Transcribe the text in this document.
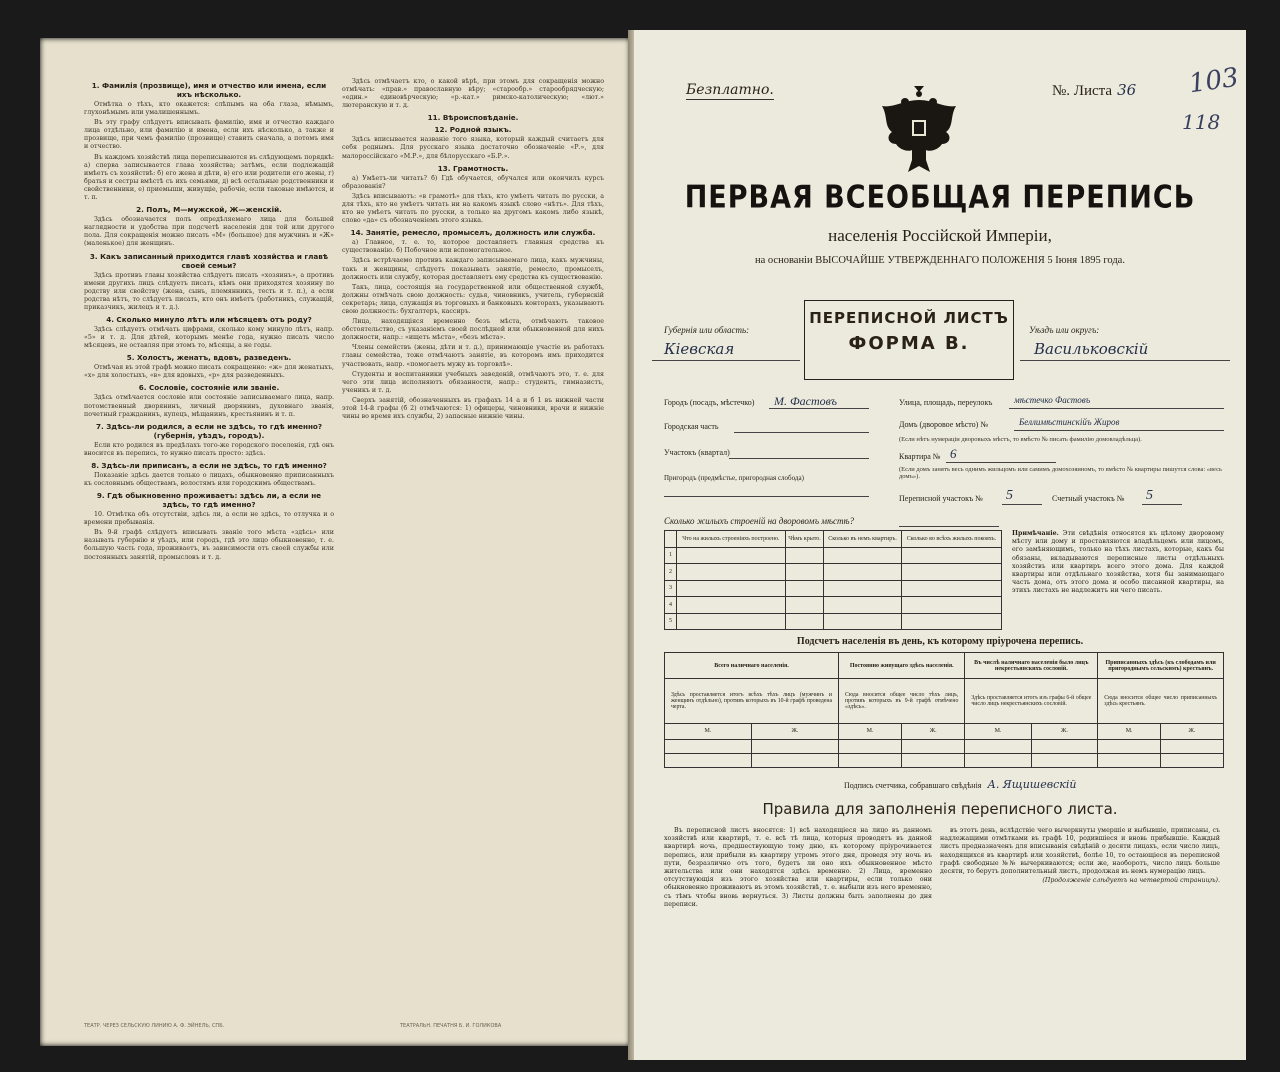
1. Фамилія (прозвище), имя и отчество или имена, если ихъ нѣсколько.

Отмѣтка о тѣхъ, кто окажется: слѣпымъ на оба глаза, нѣмымъ, глухонѣмымъ или умалишеннымъ.

Въ эту графу слѣдуетъ вписывать фамилію, имя и отчество каждаго лица отдѣльно, или фамилію и имена, если ихъ нѣсколько, а также и прозвище, при чемъ фамилію (прозвище) ставить сначала, а потомъ имя и отчество.

Въ каждомъ хозяйствѣ лица переписываются въ слѣдующемъ порядкѣ: а) сперва записывается глава хозяйства; затѣмъ, если подлежащій имѣетъ съ хозяйствѣ: б) его жена и дѣти, в) его или родители его жены, г) братья и сестры вмѣстѣ съ ихъ семьями, д) всѣ остальные родственники и свойственники, е) приемыши, живущіе, рабочіе, если таковые имѣются, и т. п.

2. Полъ, М—мужской, Ж—женскій.

Здѣсь обозначается полъ опредѣляемаго лица для большей наглядности и удобства при подсчетѣ населенія для той или другого пола. Для сокращенія можно писать «М» (большое) для мужчинъ и «Ж» (маленькое) для женщинъ.

3. Какъ записанный приходится главѣ хозяйства и главѣ своей семьи?

Здѣсь противъ главы хозяйства слѣдуетъ писать «хозяинъ», а противъ имени другихъ лицъ слѣдуетъ писать, кѣмъ они приходятся хозяину по родству или свойству (жена, сынъ, племянникъ, тесть и т. п.), а если родства нѣтъ, то слѣдуетъ писать, кто онъ имѣетъ (работникъ, служащій, приказчикъ, жилецъ и т. д.).

4. Сколько минуло лѣтъ или мѣсяцевъ отъ роду?

Здѣсь слѣдуетъ отмѣчать цифрами, сколько кому минуло лѣтъ, напр. «5» и т. д. Для дѣтей, которымъ менѣе года, нужно писать число мѣсяцевъ, не оставляя при этомъ то, мѣсяцы, а не годы.

5. Холостъ, женатъ, вдовъ, разведенъ.

Отмѣчая въ этой графѣ можно писать сокращенно: «ж» для женатыхъ, «х» для холостыхъ, «в» для вдовыхъ, «р» для разведенныхъ.

6. Сословіе, состояніе или званіе.

Здѣсь отмѣчается сословіе или состояніе записываемаго лица, напр. потомственный дворянинъ, личный дворянинъ, духовнаго званія, почетный гражданинъ, купецъ, мѣщанинъ, крестьянинъ и т. п.

7. Здѣсь-ли родился, а если не здѣсь, то гдѣ именно? (губернія, уѣздъ, городъ).

Если кто родился въ предѣлахъ того-же городского поселенія, гдѣ онъ вносится въ перепись, то нужно писать просто: здѣсь.

8. Здѣсь-ли приписанъ, а если не здѣсь, то гдѣ именно?

Показаніе здѣсь дается только о лицахъ, обыкновенно приписанныхъ къ сословнымъ обществамъ, волостямъ или городскимъ обществамъ.

9. Гдѣ обыкновенно проживаетъ: здѣсь ли, а если не здѣсь, то гдѣ именно?

10. Отмѣтка объ отсутствіи, здѣсь ли, а если не здѣсь, то отлучка и о времени пребыванія.

Въ 9-й графѣ слѣдуетъ вписывать званіе того мѣста «здѣсь» или называть губернію и уѣздъ, или городъ, гдѣ это лицо обыкновенно, т. е. большую часть года, проживаетъ, въ зависимости отъ своей службы или постоянныхъ занятій, промысловъ и т. д.

Здѣсь отмѣчаетъ кто, о какой вѣрѣ, при этомъ для сокращенія можно отмѣчать: «прав.» православную вѣру; «старообр.» старообрядческую; «един.» единовѣрческую; «р.-кат.» римско-католическую; «лют.» лютеранскую и т. д.

11. Вѣроисповѣданіе.
12. Родной языкъ.

Здѣсь вписывается названіе того языка, который каждый считаетъ для себя роднымъ. Для русскаго языка достаточно обозначеніе «Р.», для малороссійскаго «М.Р.», для бѣлорусскаго «Б.Р.».

13. Грамотность.

а) Умѣетъ-ли читать? б) Гдѣ обучается, обучался или окончилъ курсъ образованія?

Здѣсь вписываютъ: «в грамотѣ» для тѣхъ, кто умѣетъ читать по русски, а для тѣхъ, кто не умѣетъ читать ни на какомъ языкѣ слово «нѣтъ». Для тѣхъ, кто не умѣетъ читать по русски, а только на другомъ какомъ либо языкѣ, слово «да» съ обозначеніемъ этого языка.

14. Занятіе, ремесло, промыселъ, должность или служба.

а) Главное, т. е. то, которое доставляетъ главныя средства къ существованію. б) Побочное или вспомогательное.

Здѣсь встрѣчаемо противъ каждаго записываемаго лица, какъ мужчины, такъ и женщины, слѣдуетъ показывать занятіе, ремесло, промыселъ, должность или службу, которая доставляетъ ему средства къ существованію.

Такъ, лица, состоящія на государственной или общественной службѣ, должны отмѣчать свою должность: судья, чиновникъ, учитель, губернскій секретарь; лица, служащія въ торговыхъ и банковыхъ конторахъ, указываютъ свою должность: бухгалтеръ, кассиръ.

Лица, находящіяся временно безъ мѣста, отмѣчаютъ таковое обстоятельство, съ указаніемъ своей послѣдней или обыкновенной для нихъ должности, напр.: «ищетъ мѣста», «безъ мѣста».

Члены семействъ (жены, дѣти и т. д.), принимающіе участіе въ работахъ главы семейства, тоже отмѣчаютъ занятіе, въ которомъ имъ приходится участвовать, напр. «помогаетъ мужу въ торговлѣ».

Студенты и воспитанники учебныхъ заведеній, отмѣчаютъ это, т. е. для чего эти лица исполняютъ обязанности, напр.: студентъ, гимназистъ, ученикъ и т. д.

Сверхъ занятій, обозначенныхъ въ графахъ 14 а и б 1 въ нижней части этой 14-й графы (б 2) отмѣчаются: 1) офицеры, чиновники, врачи и нижніе чины во время ихъ службы, 2) запасные нижніе чины.

ТЕАТР. ЧЕРЕЗ СЕЛЬСКУЮ ЛИНИЮ А. Ф. ЭЙНЕЛЬ, СПБ.	ТЕАТРАЛЬН. ПЕЧАТНЯ Б. И. ГОЛИКОВА
Безплатно.	№. Листа 36 103
118
ПЕРВАЯ ВСЕОБЩАЯ ПЕРЕПИСЬ
населенія Россійской Имперіи,
на основаніи ВЫСОЧАЙШЕ УТВЕРЖДЕННАГО ПОЛОЖЕНІЯ 5 Іюня 1895 года.
ПЕРЕПИСНОЙ ЛИСТЪ
ФОРМА В.
Губернія или область:
Кіевская
Уѣздъ или округъ:
Васильковскій
Городъ (посадъ, мѣстечко) М. Фастовъ
Городская часть
Участокъ (квартал)
Пригородъ (предмѣстье, пригородная слобода)
Улица, площадь, переулокъ мѣстечко Фастовъ
Домъ (дворовое мѣсто) №	Беллимѣстинскійъ Жиров
(Если нѣтъ нумераціи дворовыхъ мѣстъ, то вмѣсто № писать фамилію домовладѣльца).
Квартира № 6
(Если домъ занятъ весь однимъ жильцомъ или самимъ домохозяиномъ, то вмѣсто № квартиры пишутся слова: «весь домъ»).
Переписной участокъ № 5	Счетный участокъ № 5
Сколько жилыхъ строеній на дворовомъ мѣстѣ?
	Что на жилыхъ строеніяхъ построено.	Чѣмъ крыто.	Сколько въ немъ квартиръ.	Сколько во всѣхъ жилыхъ покояхъ.
1				
2				
3				
4				
5				
Примѣчаніе. Эти свѣдѣнія относятся къ цѣлому дворовому мѣсту или дому и проставляются владѣльцемъ или лицомъ, его замѣняющимъ, только на тѣхъ листахъ, которые, какъ бы обязаны, вкладываются переписные листы отдѣльныхъ хозяйствъ или квартиръ всего этого дома. Для каждой квартиры или отдѣльнаго хозяйства, хотя бы занимающаго часть дома, отъ этого дома и особо писанной квартиры, на этихъ листахъ не надлежитъ ни чего писать.
Подсчетъ населенія въ день, къ которому пріурочена перепись.
Всего наличнаго населенія.		Постоянно живущаго здѣсь населенія.		Въ числѣ наличнаго населенія было лицъ некрестьянскихъ сословій.		Приписанныхъ здѣсь (къ слободамъ или пригороднымъ сельскимъ) крестьянъ.	
Здѣсь проставляется итогъ всѣхъ тѣхъ лицъ (мужчинъ и женщинъ отдѣльно), противъ которыхъ въ 10-й графѣ проведена черта.		Сюда вносится общее число тѣхъ лицъ, противъ которыхъ въ 9-й графѣ отмѣчено «здѣсь».		Здѣсь проставляется итогъ изъ графы 6-й общее число лицъ некрестьянскихъ сословій.		Сюда вносится общее число приписанныхъ здѣсь крестьянъ.	
М.	Ж.	М.	Ж.	М.	Ж.	М.	Ж.

Подпись счетчика, собравшаго свѣдѣнія А. Ящишевскій
Правила для заполненія переписного листа.

Въ переписной листъ вносятся: 1) всѣ находящіеся на лицо въ данномъ хозяйствѣ или квартирѣ, т. е. всѣ тѣ лица, которыя проводятъ въ данной квартирѣ ночь, предшествующую тому дню, къ которому пріурочивается перепись, или прибыли въ квартиру утромъ этого дня, проведя эту ночь въ пути, безразлично отъ того, будетъ ли оно ихъ обыкновенное мѣсто жительства или они находятся здѣсь временно. 2) Лица, временно отсутствующія изъ этого хозяйства или квартиры, если только они обыкновенно проживаютъ въ этомъ хозяйствѣ, т. е. выбыли изъ него временно, съ тѣмъ чтобы вновь вернуться. 3) Листы должны быть заполнены до дня переписи.

въ этотъ день, вслѣдствіе чего вычеркнуты умершіе и выбывшіе, приписаны, съ надлежащими отмѣтками въ графѣ 10, родившіеся и вновь прибывшіе. Каждый листъ предназначенъ для вписыванія свѣдѣній о десяти лицахъ, если число лицъ, находящихся въ квартирѣ или хозяйствѣ, болѣе 10, то остающіеся въ переписной графѣ свободные №№ вычеркиваются; если же, наоборотъ, число лицъ больше десяти, то берутъ дополнительный листъ, продолжая въ немъ нумерацію лицъ.

(Продолженіе слѣдуетъ на четвертой страницѣ).
